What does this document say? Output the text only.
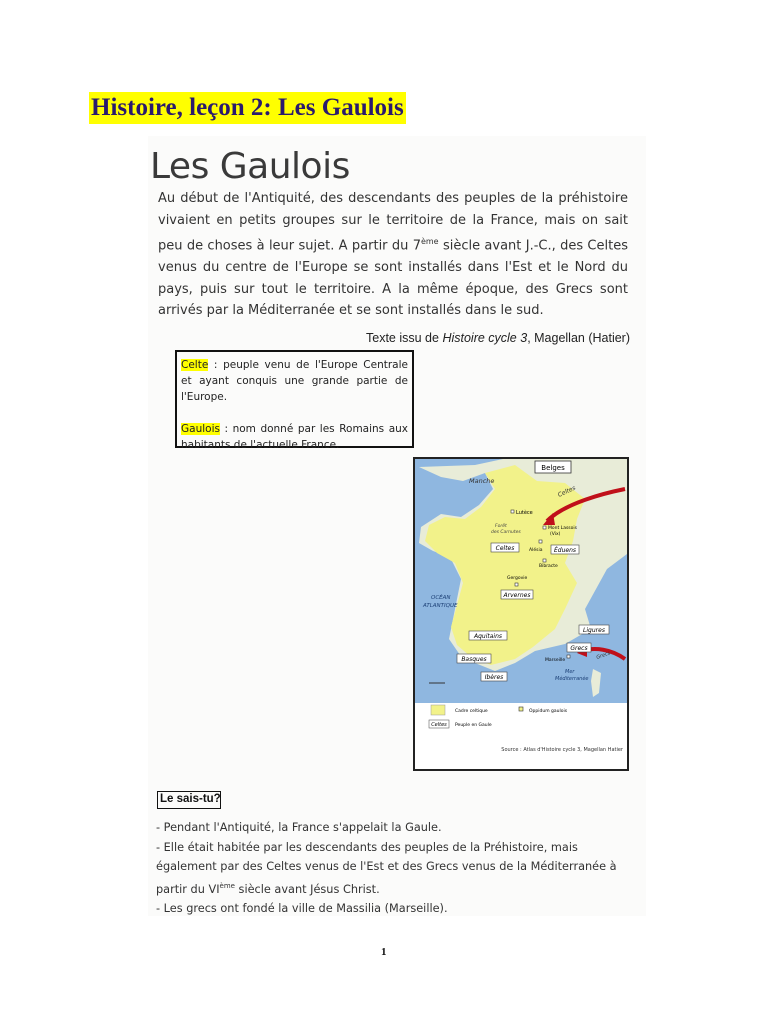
Histoire, leçon 2: Les Gaulois
Les Gaulois

Au début de l'Antiquité, des descendants des peuples de la préhistoire vivaient en petits groupes sur le territoire de la France, mais on sait peu de choses à leur sujet. A partir du 7ème siècle avant J.-C., des Celtes venus du centre de l'Europe se sont installés dans l'Est et le Nord du pays, puis sur tout le territoire. A la même époque, des Grecs sont arrivés par la Méditerranée et se sont installés dans le sud.

Texte issu de Histoire cycle 3, Magellan (Hatier)

Celte : peuple venu de l'Europe Centrale et ayant conquis une grande partie de l'Europe.

Gaulois : nom donné par les Romains aux habitants de l'actuelle France.

Belges
Manche
Celtes
Lutèce
Forêt
des Carnutes
Mont Lassois
(Vix)
Celtes	Alésia
Bibracte
Éduens
Gergovie
Arvernes
OCÉAN
ATLANTIQUE
Ligures
Aquitains
Grecs
Marseille	Grecs
Basques
Mer
Méditerranée
Ibères
Cadre celtique	Oppidum gaulois
Celtes Peuple en Gaule
Source : Atlas d'Histoire cycle 3, Magellan Hatier
Le sais-tu?
- Pendant l'Antiquité, la France s'appelait la Gaule.
- Elle était habitée par les descendants des peuples de la Préhistoire, mais également par des Celtes venus de l'Est et des Grecs venus de la Méditerranée à partir du VIème siècle avant Jésus Christ.
- Les grecs ont fondé la ville de Massilia (Marseille).
1
